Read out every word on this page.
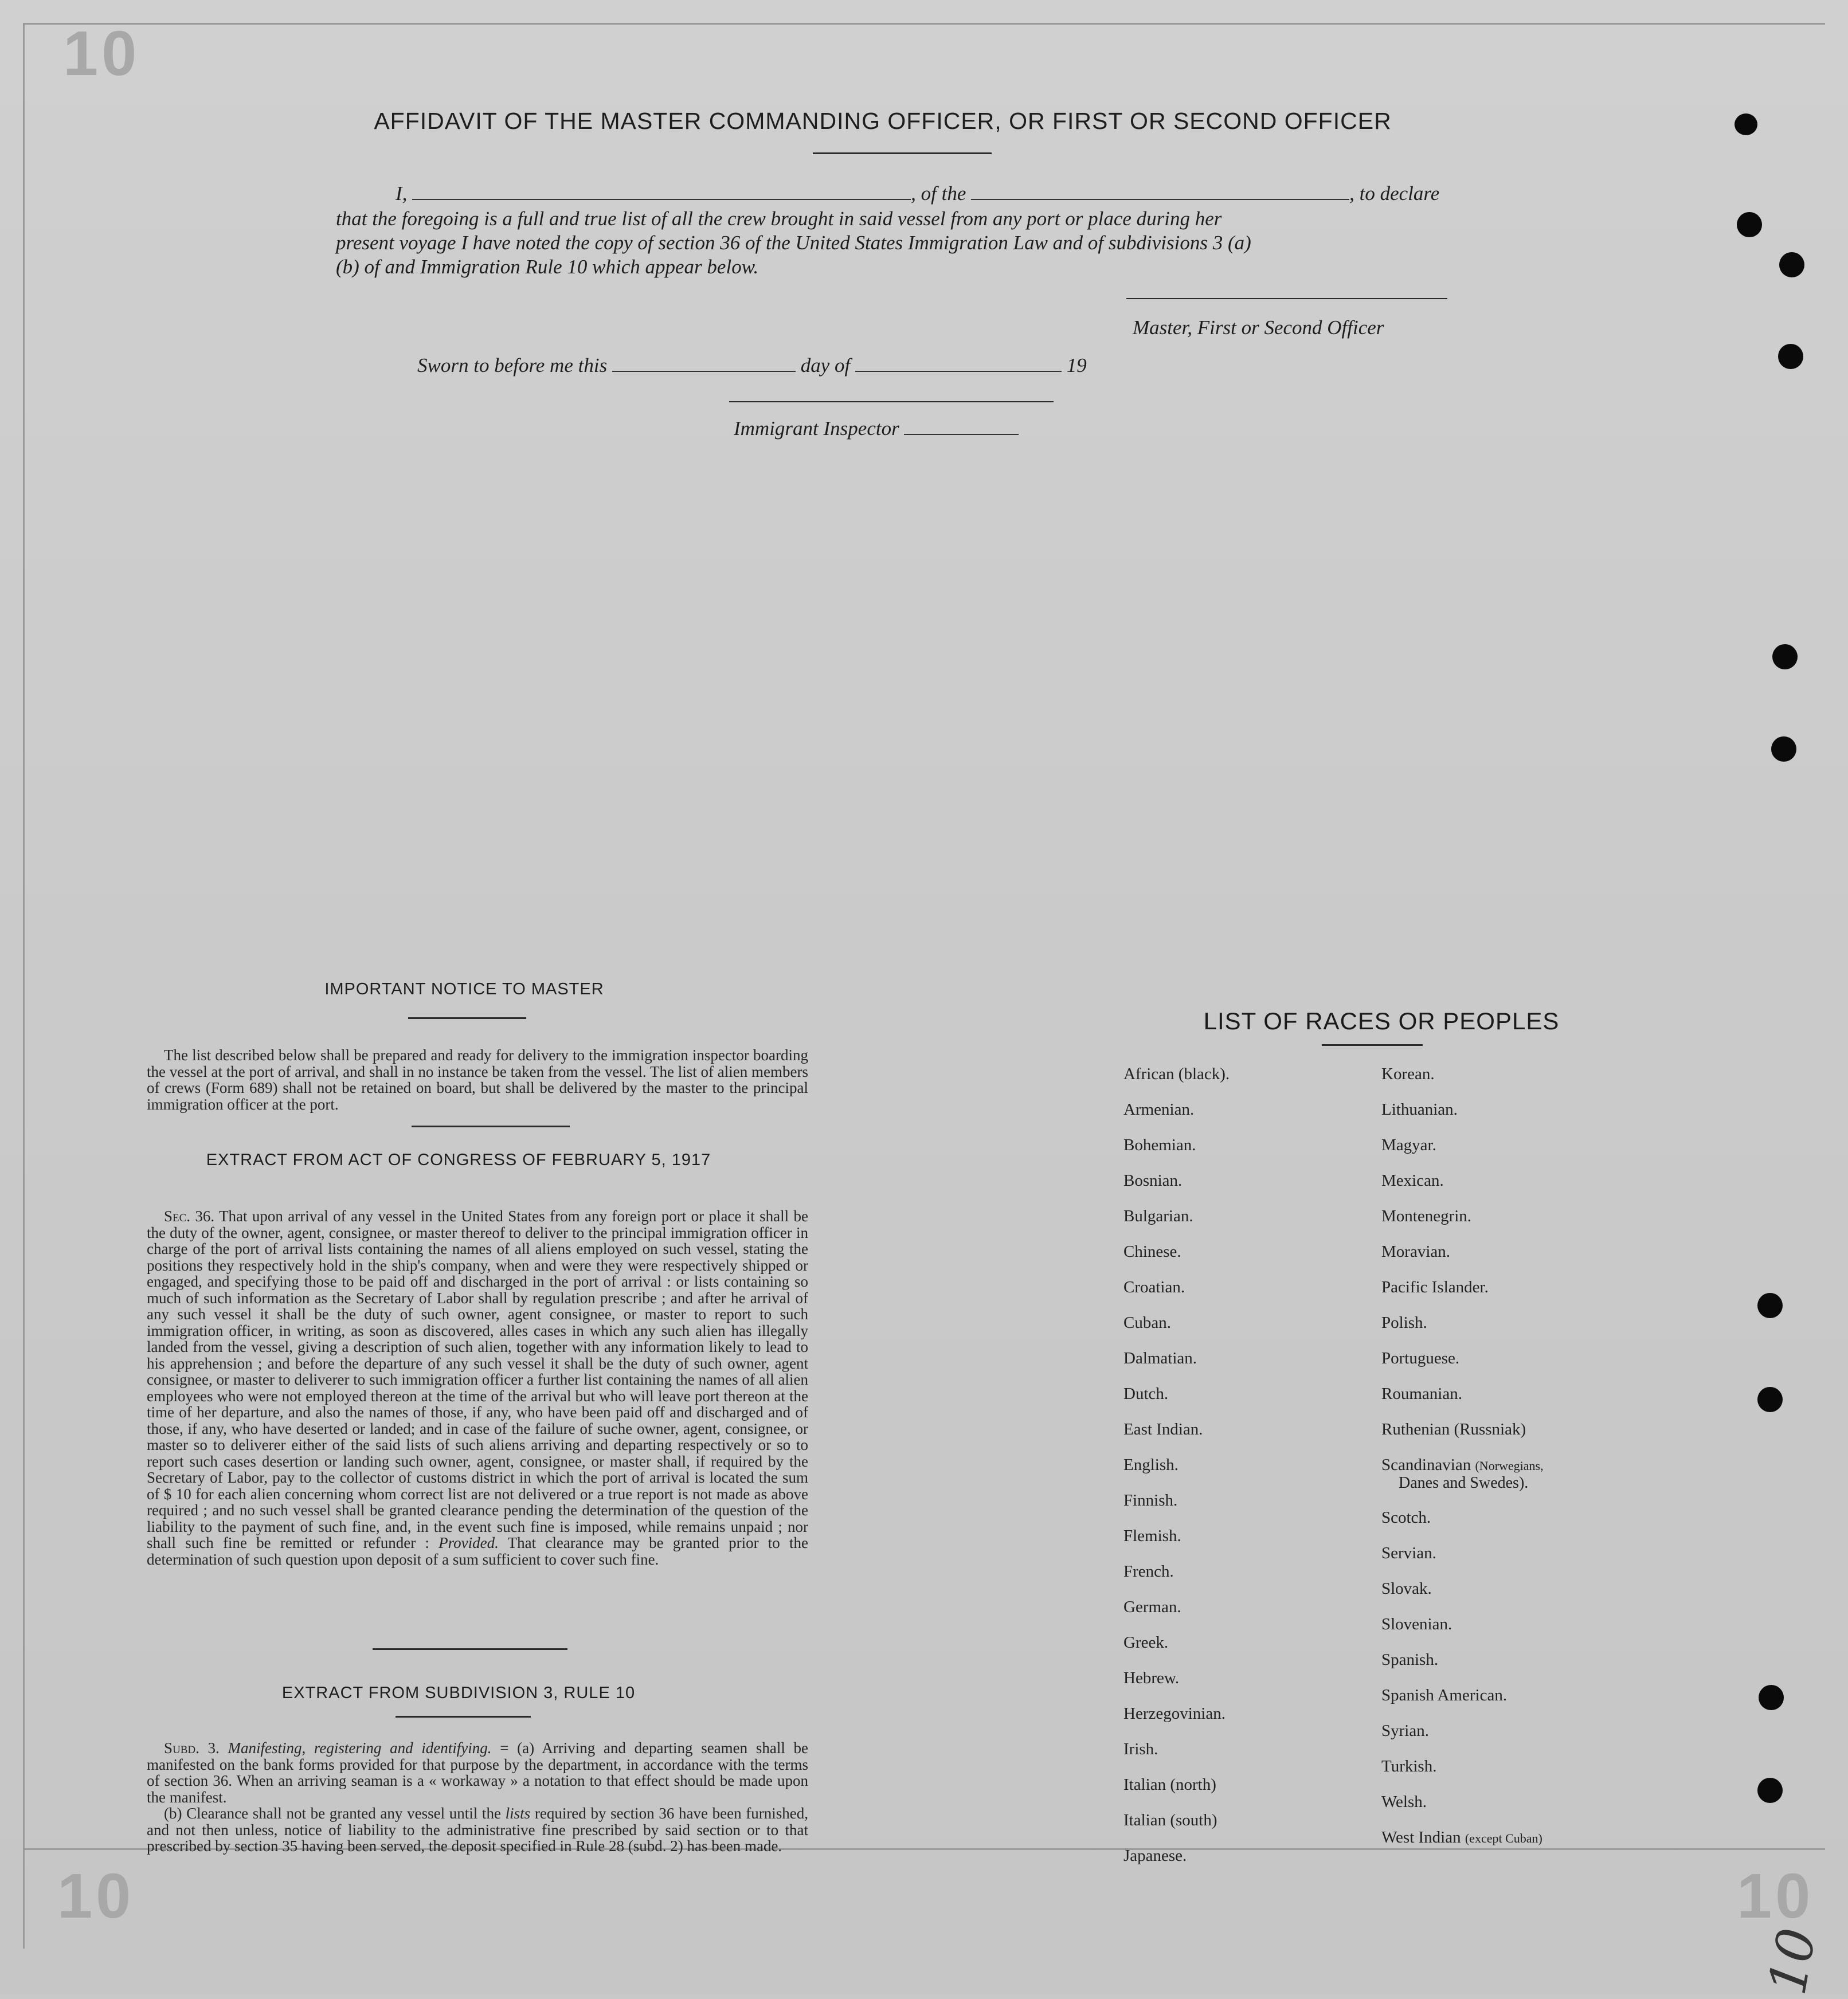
10
10	10
10
AFFIDAVIT OF THE MASTER COMMANDING OFFICER, OR FIRST OR SECOND OFFICER
I,	, of the	, to declare
that the foregoing is a full and true list of all the crew brought in said vessel from any port or place during her
present voyage I have noted the copy of section 36 of the United States Immigration Law and of subdivisions 3 (a)
(b) of and Immigration Rule 10 which appear below.
Master, First or Second Officer
Sworn to before me this	day of	19
Immigrant Inspector
IMPORTANT NOTICE TO MASTER
The list described below shall be prepared and ready for delivery to the immigration inspector boarding the vessel at the port of arrival, and shall in no instance be taken from the vessel. The list of alien members of crews (Form 689) shall not be retained on board, but shall be delivered by the master to the principal immigration officer at the port.
EXTRACT FROM ACT OF CONGRESS OF FEBRUARY 5, 1917
Sec. 36. That upon arrival of any vessel in the United States from any foreign port or place it shall be the duty of the owner, agent, consignee, or master thereof to deliver to the principal immigration officer in charge of the port of arrival lists containing the names of all aliens employed on such vessel, stating the positions they respectively hold in the ship's company, when and were they were respectively shipped or engaged, and specifying those to be paid off and discharged in the port of arrival : or lists containing so much of such information as the Secretary of Labor shall by regulation prescribe ; and after he arrival of any such vessel it shall be the duty of such owner, agent consignee, or master to report to such immigration officer, in writing, as soon as discovered, alles cases in which any such alien has illegally landed from the vessel, giving a description of such alien, together with any information likely to lead to his apprehension ; and before the departure of any such vessel it shall be the duty of such owner, agent consignee, or master to deliverer to such immigration officer a further list containing the names of all alien employees who were not employed thereon at the time of the arrival but who will leave port thereon at the time of her departure, and also the names of those, if any, who have been paid off and discharged and of those, if any, who have deserted or landed; and in case of the failure of suche owner, agent, consignee, or master so to deliverer either of the said lists of such aliens arriving and departing respectively or so to report such cases desertion or landing such owner, agent, consignee, or master shall, if required by the Secretary of Labor, pay to the collector of customs district in which the port of arrival is located the sum of $ 10 for each alien concerning whom correct list are not delivered or a true report is not made as above required ; and no such vessel shall be granted clearance pending the determination of the question of the liability to the payment of such fine, and, in the event such fine is imposed, while remains unpaid ; nor shall such fine be remitted or refunder : Provided. That clearance may be granted prior to the determination of such question upon deposit of a sum sufficient to cover such fine.
EXTRACT FROM SUBDIVISION 3, RULE 10
Subd. 3. Manifesting, registering and identifying. = (a) Arriving and departing seamen shall be manifested on the bank forms provided for that purpose by the department, in accordance with the terms of section 36. When an arriving seaman is a « workaway » a notation to that effect should be made upon the manifest.
(b) Clearance shall not be granted any vessel until the lists required by section 36 have been furnished, and not then unless, notice of liability to the administrative fine prescribed by said section or to that prescribed by section 35 having been served, the deposit specified in Rule 28 (subd. 2) has been made.
LIST OF RACES OR PEOPLES
African (black).
Armenian.
Bohemian.
Bosnian.
Bulgarian.
Chinese.
Croatian.
Cuban.
Dalmatian.
Dutch.
East Indian.
English.
Finnish.
Flemish.
French.
German.
Greek.
Hebrew.
Herzegovinian.
Irish.
Italian (north)
Italian (south)
Japanese.
Korean.
Lithuanian.
Magyar.
Mexican.
Montenegrin.
Moravian.
Pacific Islander.
Polish.
Portuguese.
Roumanian.
Ruthenian (Russniak)
Scandinavian (Norwegians,
Danes and Swedes).
Scotch.
Servian.
Slovak.
Slovenian.
Spanish.
Spanish American.
Syrian.
Turkish.
Welsh.
West Indian (except Cuban)
